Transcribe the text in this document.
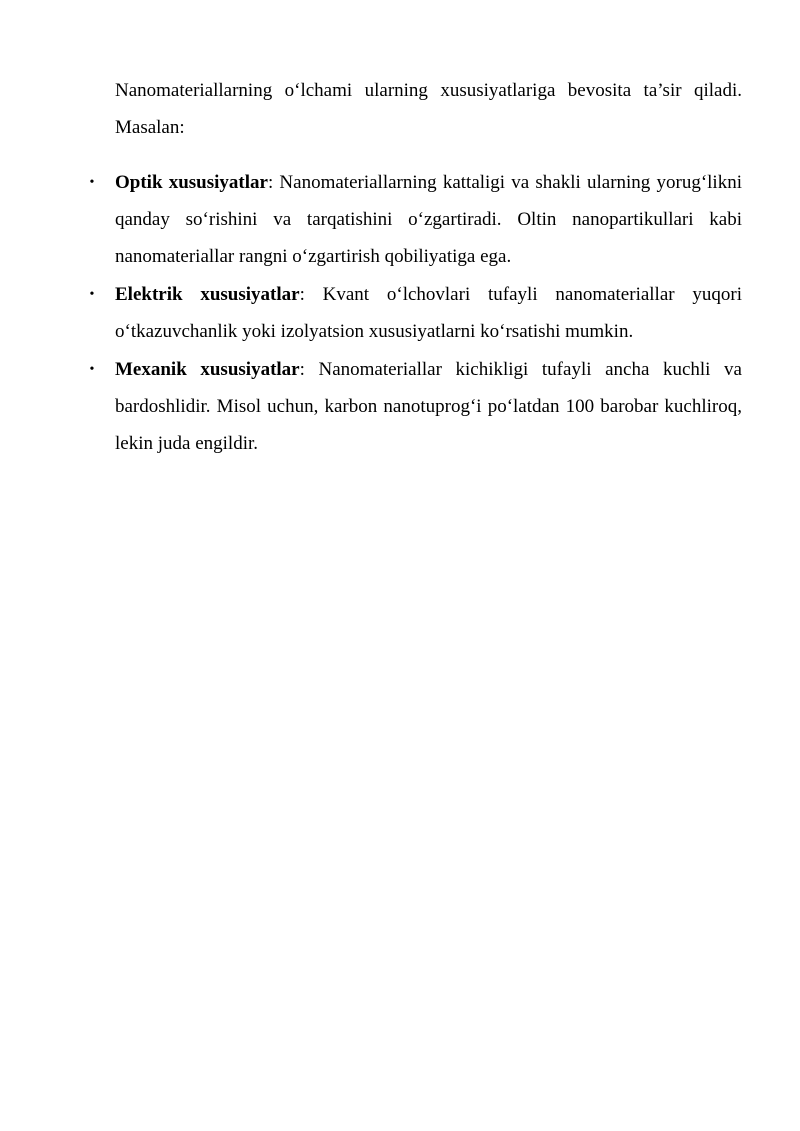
Nanomateriallarning o‘lchami ularning xususiyatlariga bevosita ta’sir qiladi. Masalan:

• Optik xususiyatlar: Nanomateriallarning kattaligi va shakli ularning yorug‘likni qanday so‘rishini va tarqatishini o‘zgartiradi. Oltin nanopartikullari kabi nanomateriallar rangni o‘zgartirish qobiliyatiga ega.
• Elektrik xususiyatlar: Kvant o‘lchovlari tufayli nanomateriallar yuqori o‘tkazuvchanlik yoki izolyatsion xususiyatlarni ko‘rsatishi mumkin.
• Mexanik xususiyatlar: Nanomateriallar kichikligi tufayli ancha kuchli va bardoshlidir. Misol uchun, karbon nanotuprog‘i po‘latdan 100 barobar kuchliroq, lekin juda engildir.
